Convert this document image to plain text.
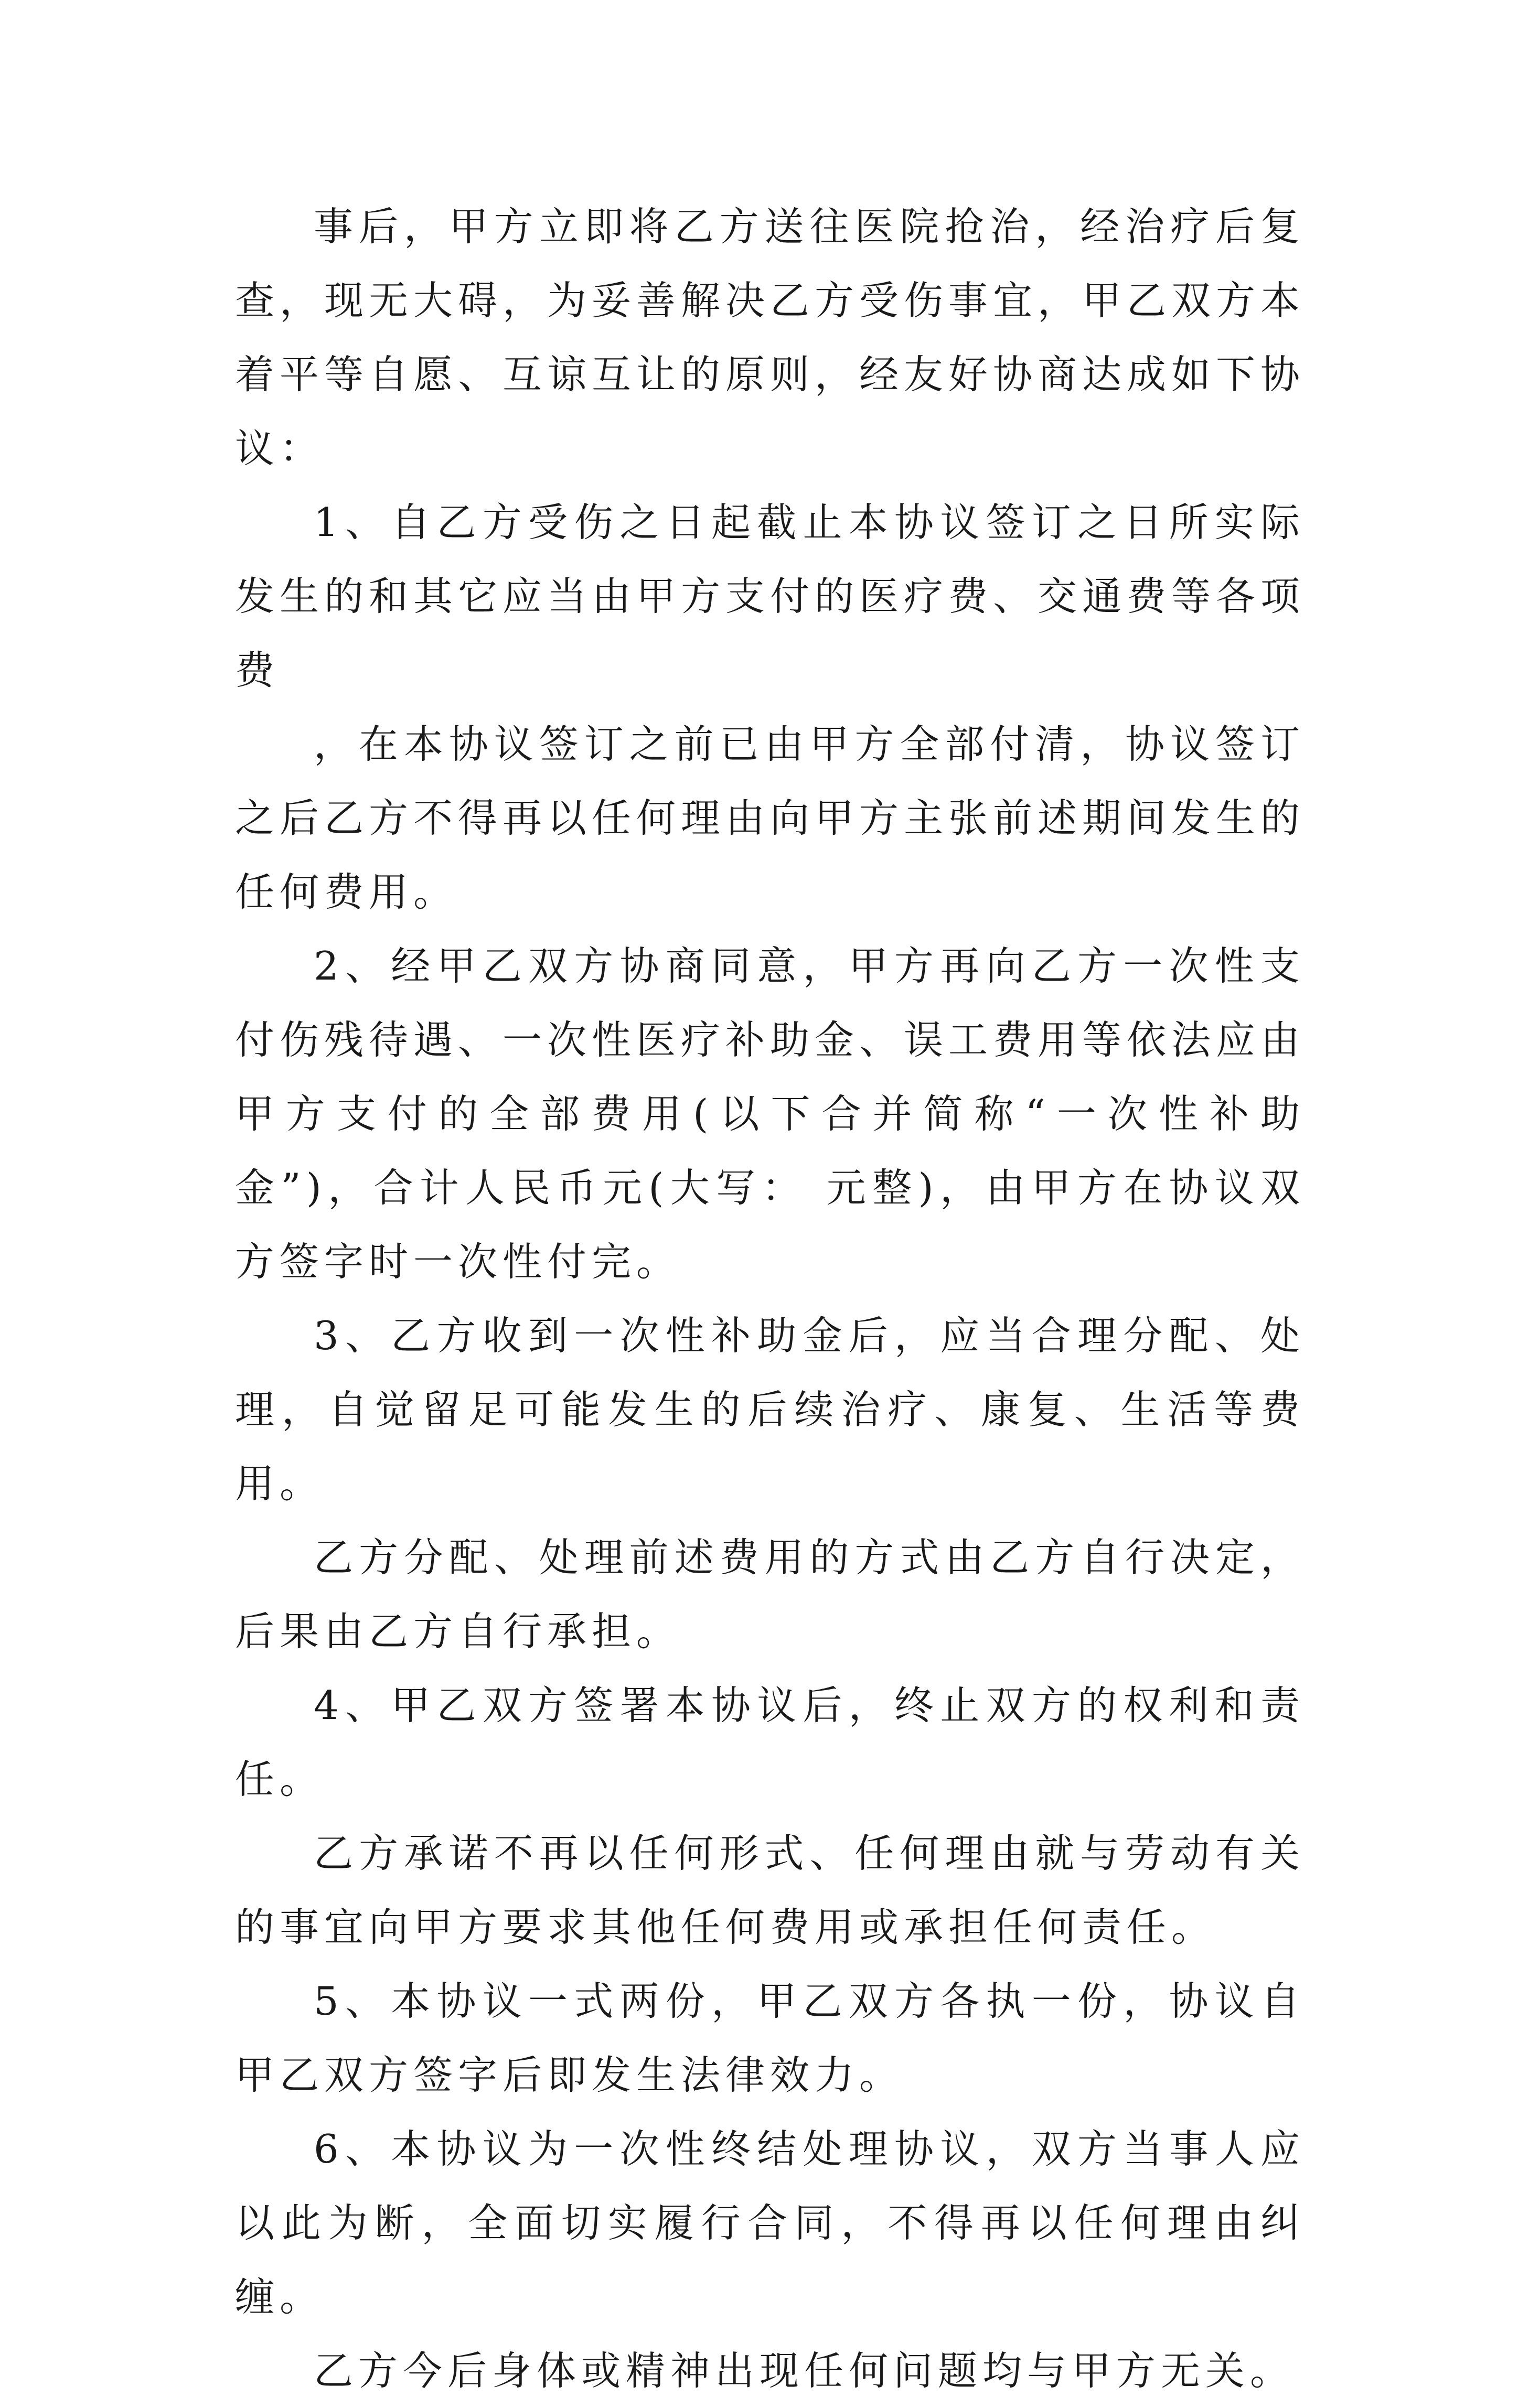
事后，甲方立即将乙方送往医院抢治，经治疗后复查，现无大碍，为妥善解决乙方受伤事宜，甲乙双方本着平等自愿、互谅互让的原则，经友好协商达成如下协议：

1、自乙方受伤之日起截止本协议签订之日所实际发生的和其它应当由甲方支付的医疗费、交通费等各项费

，在本协议签订之前已由甲方全部付清，协议签订之后乙方不得再以任何理由向甲方主张前述期间发生的任何费用。

2、经甲乙双方协商同意，甲方再向乙方一次性支付伤残待遇、一次性医疗补助金、误工费用等依法应由甲方支付的全部费用(以下合并简称“一次性补助金”)，合计人民币元(大写： 元整)，由甲方在协议双方签字时一次性付完。

3、乙方收到一次性补助金后，应当合理分配、处理，自觉留足可能发生的后续治疗、康复、生活等费用。

乙方分配、处理前述费用的方式由乙方自行决定，后果由乙方自行承担。

4、甲乙双方签署本协议后，终止双方的权利和责任。

乙方承诺不再以任何形式、任何理由就与劳动有关的事宜向甲方要求其他任何费用或承担任何责任。

5、本协议一式两份，甲乙双方各执一份，协议自甲乙双方签字后即发生法律效力。

6、本协议为一次性终结处理协议，双方当事人应以此为断，全面切实履行合同，不得再以任何理由纠缠。

乙方今后身体或精神出现任何问题均与甲方无关。
